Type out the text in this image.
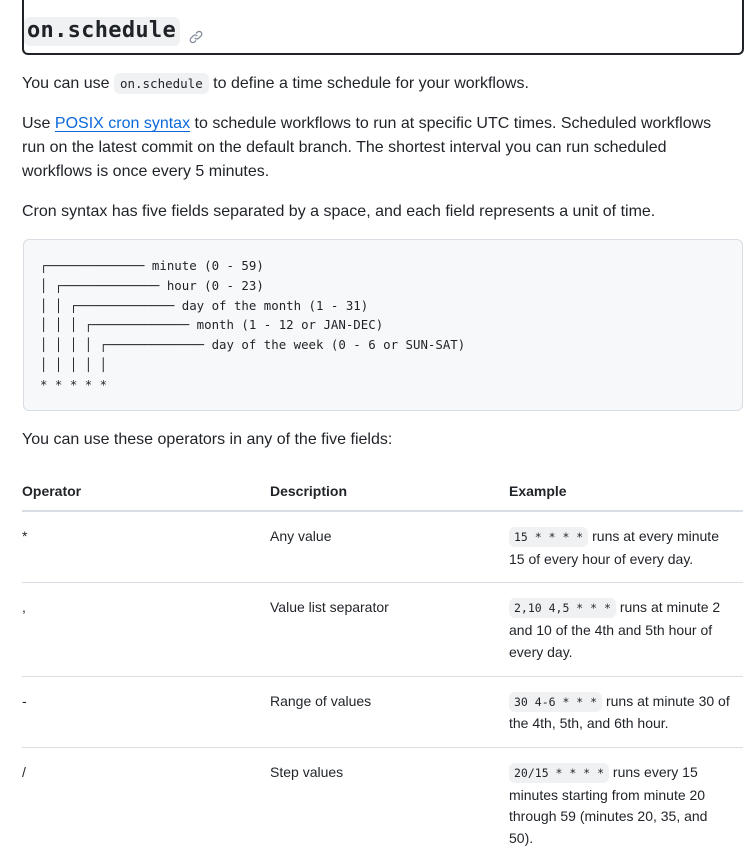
on.schedule

You can use on.schedule to define a time schedule for your workflows.

Use POSIX cron syntax to schedule workflows to run at specific UTC times. Scheduled workflows run on the latest commit on the default branch. The shortest interval you can run scheduled workflows is once every 5 minutes.

Cron syntax has five fields separated by a space, and each field represents a unit of time.

┌───────────── minute (0 - 59)
│ ┌───────────── hour (0 - 23)
│ │ ┌───────────── day of the month (1 - 31)
│ │ │ ┌───────────── month (1 - 12 or JAN-DEC)
│ │ │ │ ┌───────────── day of the week (0 - 6 or SUN-SAT)
│ │ │ │ │
* * * * *

You can use these operators in any of the five fields:

Operator	Description	Example
*	Any value	15 * * * * runs at every minute 15 of every hour of every day.
,	Value list separator	2,10 4,5 * * * runs at minute 2 and 10 of the 4th and 5th hour of every day.
-	Range of values	30 4-6 * * * runs at minute 30 of the 4th, 5th, and 6th hour.
/	Step values	20/15 * * * * runs every 15 minutes starting from minute 20 through 59 (minutes 20, 35, and 50).
